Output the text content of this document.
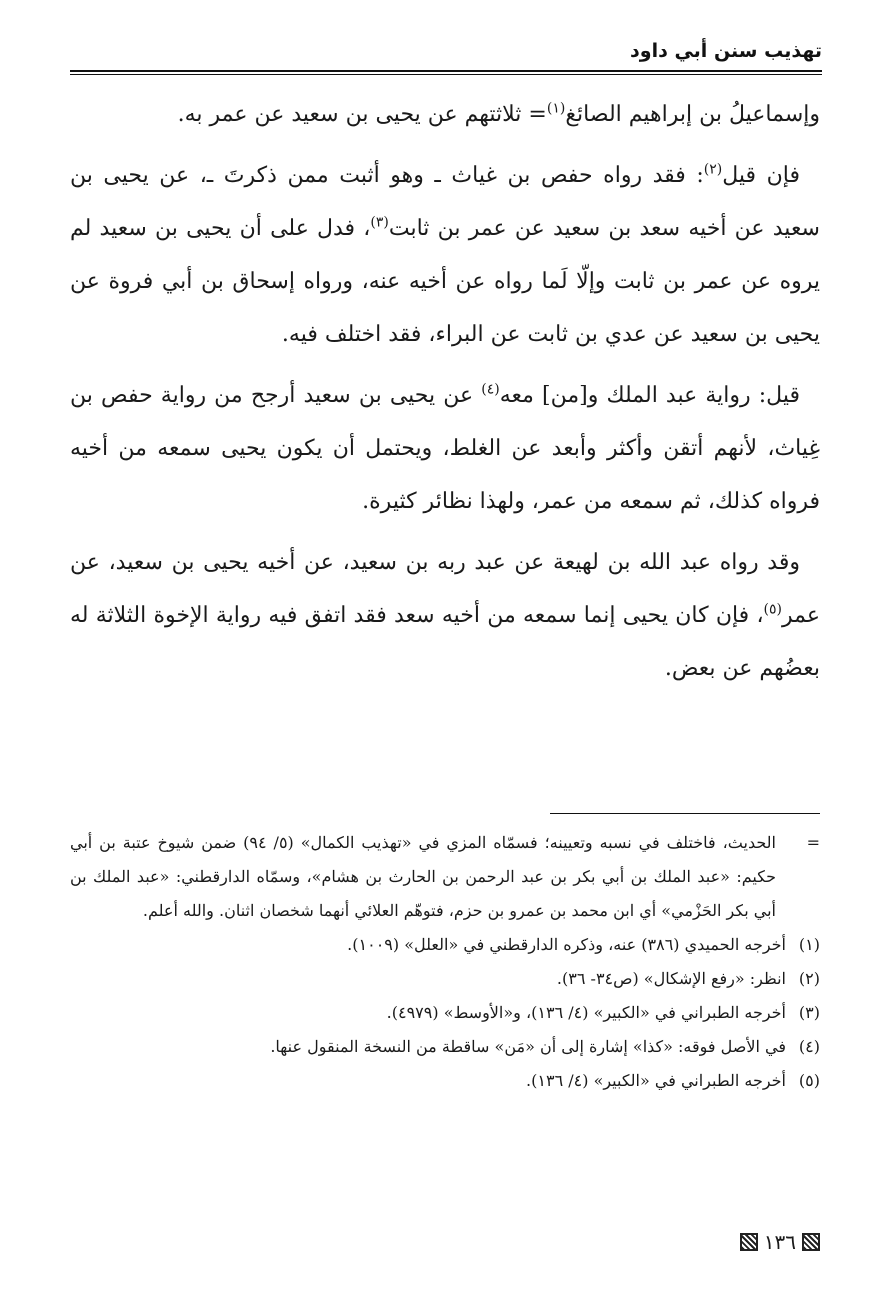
تهذيب سنن أبي داود

وإسماعيلُ بن إبراهيم الصائغ$^{(١)}$= ثلاثتهم عن يحيى بن سعيد عن عمر به.

فإن قيل$^{(٢)}$: فقد رواه حفص بن غياث ـ وهو أثبت ممن ذكرتَ ـ، عن يحيى بن سعيد عن أخيه سعد بن سعيد عن عمر بن ثابت$^{(٣)}$، فدل على أن يحيى بن سعيد لم يروه عن عمر بن ثابت وإلّا لَما رواه عن أخيه عنه، ورواه إسحاق بن أبي فروة عن يحيى بن سعيد عن عدي بن ثابت عن البراء، فقد اختلف فيه.

قيل: رواية عبد الملك و[من] معه$^{(٤)}$ عن يحيى بن سعيد أرجح من رواية حفص بن غِياث، لأنهم أتقن وأكثر وأبعد عن الغلط، ويحتمل أن يكون يحيى سمعه من أخيه فرواه كذلك، ثم سمعه من عمر، ولهذا نظائر كثيرة.

وقد رواه عبد الله بن لهيعة عن عبد ربه بن سعيد، عن أخيه يحيى بن سعيد، عن عمر$^{(٥)}$، فإن كان يحيى إنما سمعه من أخيه سعد فقد اتفق فيه رواية الإخوة الثلاثة له بعضُهم عن بعض.

=
الحديث، فاختلف في نسبه وتعيينه؛ فسمّاه المزي في «تهذيب الكمال» (٥/ ٩٤) ضمن شيوخ عتبة بن أبي حكيم: «عبد الملك بن أبي بكر بن عبد الرحمن بن الحارث بن هشام»، وسمّاه الدارقطني: «عبد الملك بن أبي بكر الحَزْمي» أي ابن محمد بن عمرو بن حزم، فتوهّم العلائي أنهما شخصان اثنان. والله أعلم.
(١)
أخرجه الحميدي (٣٨٦) عنه، وذكره الدارقطني في «العلل» (١٠٠٩).
(٢)
انظر: «رفع الإشكال» (ص٣٤- ٣٦).
(٣)
أخرجه الطبراني في «الكبير» (٤/ ١٣٦)، و«الأوسط» (٤٩٧٩).
(٤)
في الأصل فوقه: «كذا» إشارة إلى أن «مَن» ساقطة من النسخة المنقول عنها.
(٥)
أخرجه الطبراني في «الكبير» (٤/ ١٣٦).
١٣٦
